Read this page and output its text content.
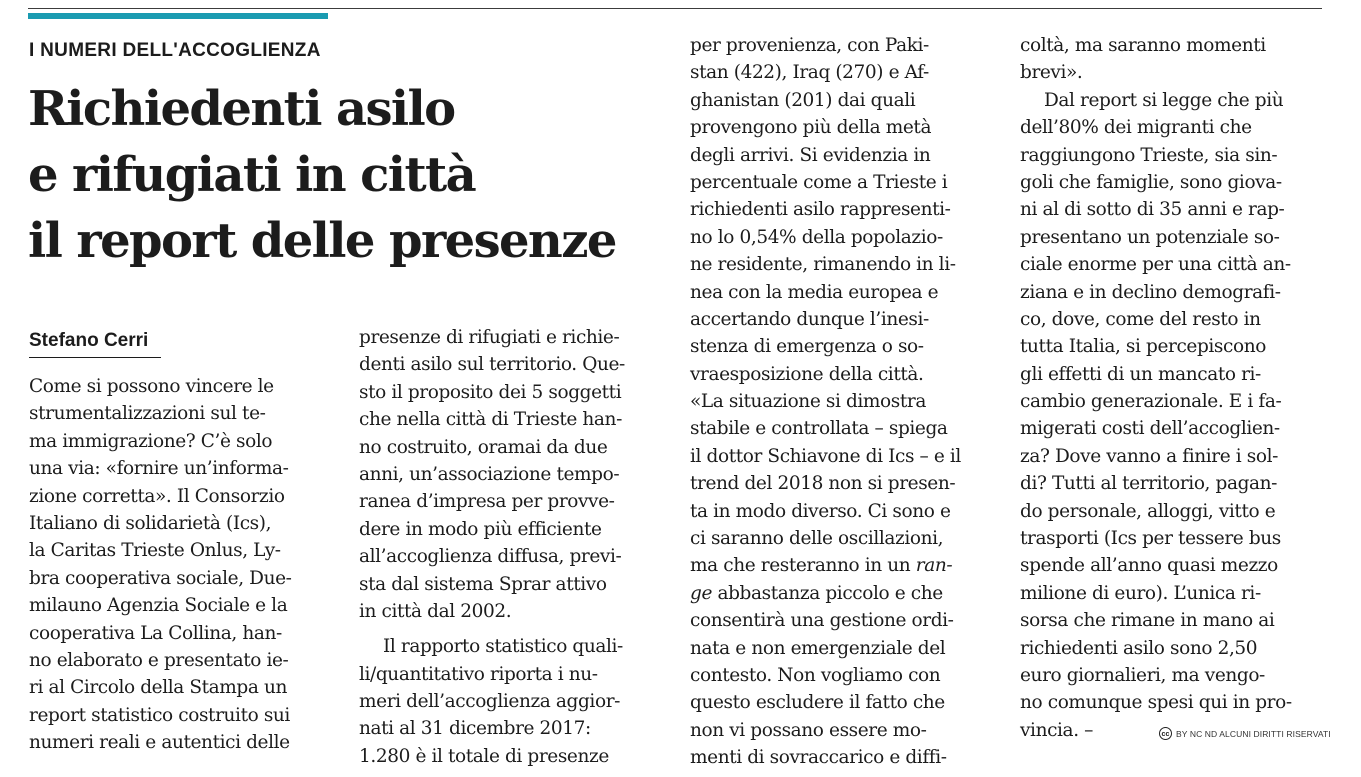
I NUMERI DELL'ACCOGLIENZA
Richiedenti asilo
e rifugiati in città
il report delle presenze
Stefano Cerri
Come si possono vincere le
strumentalizzazioni sul te-
ma immigrazione? C’è solo
una via: «fornire un’informa-
zione corretta». Il Consorzio
Italiano di solidarietà (Ics),
la Caritas Trieste Onlus, Ly-
bra cooperativa sociale, Due-
milauno Agenzia Sociale e la
cooperativa La Collina, han-
no elaborato e presentato ie-
ri al Circolo della Stampa un
report statistico costruito sui
numeri reali e autentici delle
presenze di rifugiati e richie-
denti asilo sul territorio. Que-
sto il proposito dei 5 soggetti
che nella città di Trieste han-
no costruito, oramai da due
anni, un’associazione tempo-
ranea d’impresa per provve-
dere in modo più efficiente
all’accoglienza diffusa, previ-
sta dal sistema Sprar attivo
in città dal 2002.
Il rapporto statistico quali-
li/quantitativo riporta i nu-
meri dell’accoglienza aggior-
nati al 31 dicembre 2017:
1.280 è il totale di presenze
per provenienza, con Paki-
stan (422), Iraq (270) e Af-
ghanistan (201) dai quali
provengono più della metà
degli arrivi. Si evidenzia in
percentuale come a Trieste i
richiedenti asilo rappresenti-
no lo 0,54% della popolazio-
ne residente, rimanendo in li-
nea con la media europea e
accertando dunque l’inesi-
stenza di emergenza o so-
vraesposizione della città.
«La situazione si dimostra
stabile e controllata – spiega
il dottor Schiavone di Ics – e il
trend del 2018 non si presen-
ta in modo diverso. Ci sono e
ci saranno delle oscillazioni,
ma che resteranno in un ran-
ge abbastanza piccolo e che
consentirà una gestione ordi-
nata e non emergenziale del
contesto. Non vogliamo con
questo escludere il fatto che
non vi possano essere mo-
menti di sovraccarico e diffi-
coltà, ma saranno momenti
brevi».
Dal report si legge che più
dell’80% dei migranti che
raggiungono Trieste, sia sin-
goli che famiglie, sono giova-
ni al di sotto di 35 anni e rap-
presentano un potenziale so-
ciale enorme per una città an-
ziana e in declino demografi-
co, dove, come del resto in
tutta Italia, si percepiscono
gli effetti di un mancato ri-
cambio generazionale. E i fa-
migerati costi dell’accoglien-
za? Dove vanno a finire i sol-
di? Tutti al territorio, pagan-
do personale, alloggi, vitto e
trasporti (Ics per tessere bus
spende all’anno quasi mezzo
milione di euro). L’unica ri-
sorsa che rimane in mano ai
richiedenti asilo sono 2,50
euro giornalieri, ma vengo-
no comunque spesi qui in pro-
vincia. –	cc BY NC ND ALCUNI DIRITTI RISERVATI
